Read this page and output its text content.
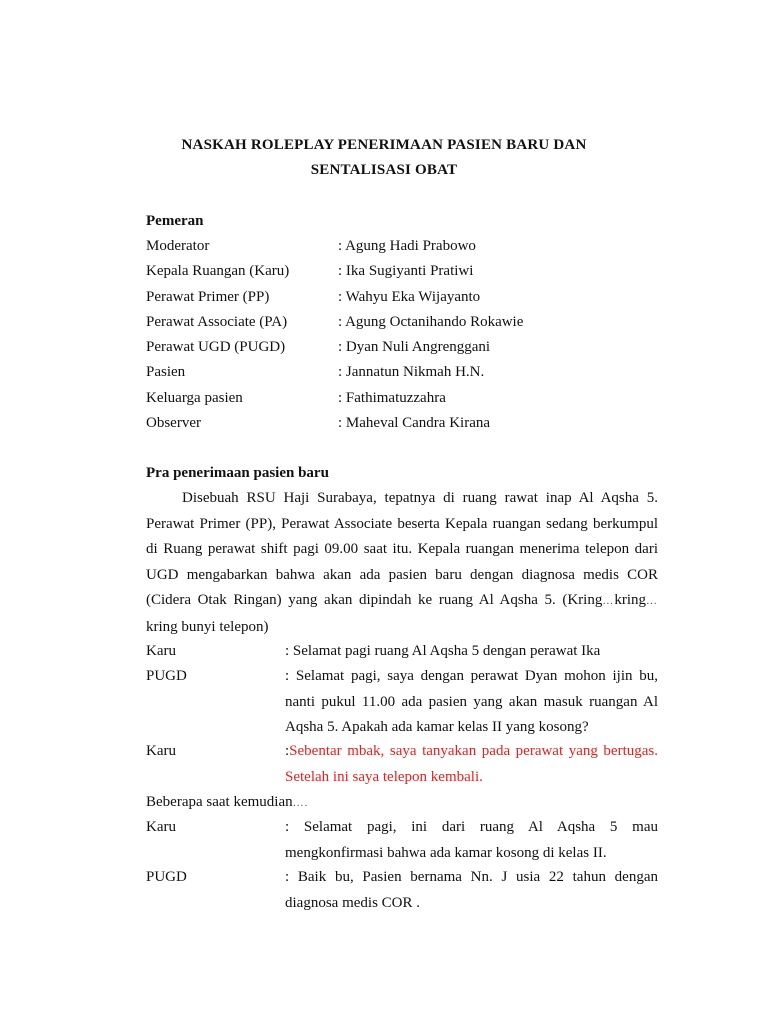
NASKAH ROLEPLAY PENERIMAAN PASIEN BARU DAN
SENTALISASI OBAT
Pemeran
Moderator	: Agung Hadi Prabowo
Kepala Ruangan (Karu)	: Ika Sugiyanti Pratiwi
Perawat Primer (PP)	: Wahyu Eka Wijayanto
Perawat Associate (PA)	: Agung Octanihando Rokawie
Perawat UGD (PUGD)	: Dyan Nuli Angrenggani
Pasien	: Jannatun Nikmah H.N.
Keluarga pasien	: Fathimatuzzahra
Observer	: Maheval Candra Kirana
Pra penerimaan pasien baru
Disebuah RSU Haji Surabaya, tepatnya di ruang rawat inap Al Aqsha 5. Perawat Primer (PP), Perawat Associate beserta Kepala ruangan sedang berkumpul di Ruang perawat shift pagi 09.00 saat itu. Kepala ruangan menerima telepon dari UGD mengabarkan bahwa akan ada pasien baru dengan diagnosa medis COR (Cidera Otak Ringan) yang akan dipindah ke ruang Al Aqsha 5. (Kring…kring…kring bunyi telepon)
Karu	: Selamat pagi ruang Al Aqsha 5 dengan perawat Ika
PUGD	: Selamat pagi, saya dengan perawat Dyan mohon ijin bu, nanti pukul 11.00 ada pasien yang akan masuk ruangan Al Aqsha 5. Apakah ada kamar kelas II yang kosong?
Karu	:Sebentar mbak, saya tanyakan pada perawat yang bertugas. Setelah ini saya telepon kembali.
Beberapa saat kemudian….
Karu	: Selamat pagi, ini dari ruang Al Aqsha 5 mau mengkonfirmasi bahwa ada kamar kosong di kelas II.
PUGD	: Baik bu, Pasien bernama Nn. J usia 22 tahun dengan diagnosa medis COR .
